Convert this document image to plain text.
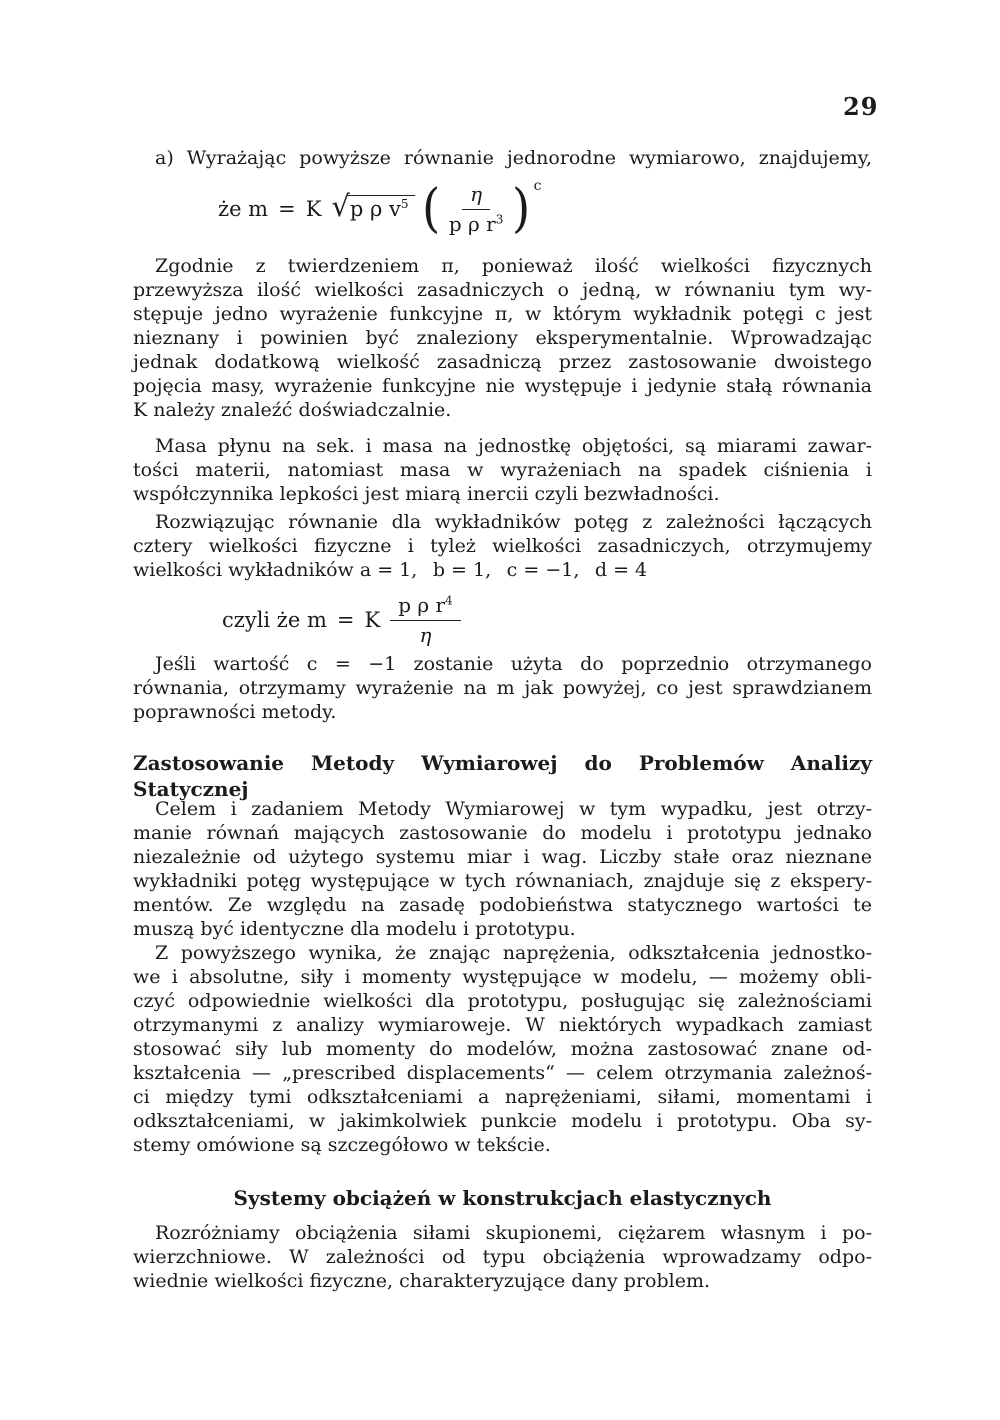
29
a) Wyrażając powyższe równanie jednorodne wymiarowo, znajdujemy,
że m = K √ p ρ $v^5$ ( $\frac{\eta}{p \rho r^3}$ ) c
Zgodnie z twierdzeniem π, ponieważ ilość wielkości fizycznych
przewyższa ilość wielkości zasadniczych o jedną, w równaniu tym wy-
stępuje jedno wyrażenie funkcyjne π, w którym wykładnik potęgi c jest
nieznany i powinien być znaleziony eksperymentalnie. Wprowadzając
jednak dodatkową wielkość zasadniczą przez zastosowanie dwoistego
pojęcia masy, wyrażenie funkcyjne nie występuje i jedynie stałą równania
K należy znaleźć doświadczalnie.
Masa płynu na sek. i masa na jednostkę objętości, są miarami zawar-
tości materii, natomiast masa w wyrażeniach na spadek ciśnienia i
współczynnika lepkości jest miarą inercii czyli bezwładności.
Rozwiązując równanie dla wykładników potęg z zależności łączących
cztery wielkości fizyczne i tyleż wielkości zasadniczych, otrzymujemy
wielkości wykładników a = 1,  b = 1,  c = −1,  d = 4
czyli że m = K $\frac{p \rho r^4}{\eta}$
Jeśli wartość c = −1 zostanie użyta do poprzednio otrzymanego
równania, otrzymamy wyrażenie na m jak powyżej, co jest sprawdzianem
poprawności metody.
Zastosowanie Metody Wymiarowej do Problemów Analizy Statycznej
Celem i zadaniem Metody Wymiarowej w tym wypadku, jest otrzy-
manie równań mających zastosowanie do modelu i prototypu jednako
niezależnie od użytego systemu miar i wag. Liczby stałe oraz nieznane
wykładniki potęg występujące w tych równaniach, znajduje się z ekspery-
mentów. Ze względu na zasadę podobieństwa statycznego wartości te
muszą być identyczne dla modelu i prototypu.
Z powyższego wynika, że znając naprężenia, odkształcenia jednostko-
we i absolutne, siły i momenty występujące w modelu, — możemy obli-
czyć odpowiednie wielkości dla prototypu, posługując się zależnościami
otrzymanymi z analizy wymiaroweje. W niektórych wypadkach zamiast
stosować siły lub momenty do modelów, można zastosować znane od-
kształcenia — „prescribed displacements“ — celem otrzymania zależnoś-
ci między tymi odkształceniami a naprężeniami, siłami, momentami i
odkształceniami, w jakimkolwiek punkcie modelu i prototypu. Oba sy-
stemy omówione są szczegółowo w tekście.
Systemy obciążeń w konstrukcjach elastycznych
Rozróżniamy obciążenia siłami skupionemi, ciężarem własnym i po-
wierzchniowe. W zależności od typu obciążenia wprowadzamy odpo-
wiednie wielkości fizyczne, charakteryzujące dany problem.
